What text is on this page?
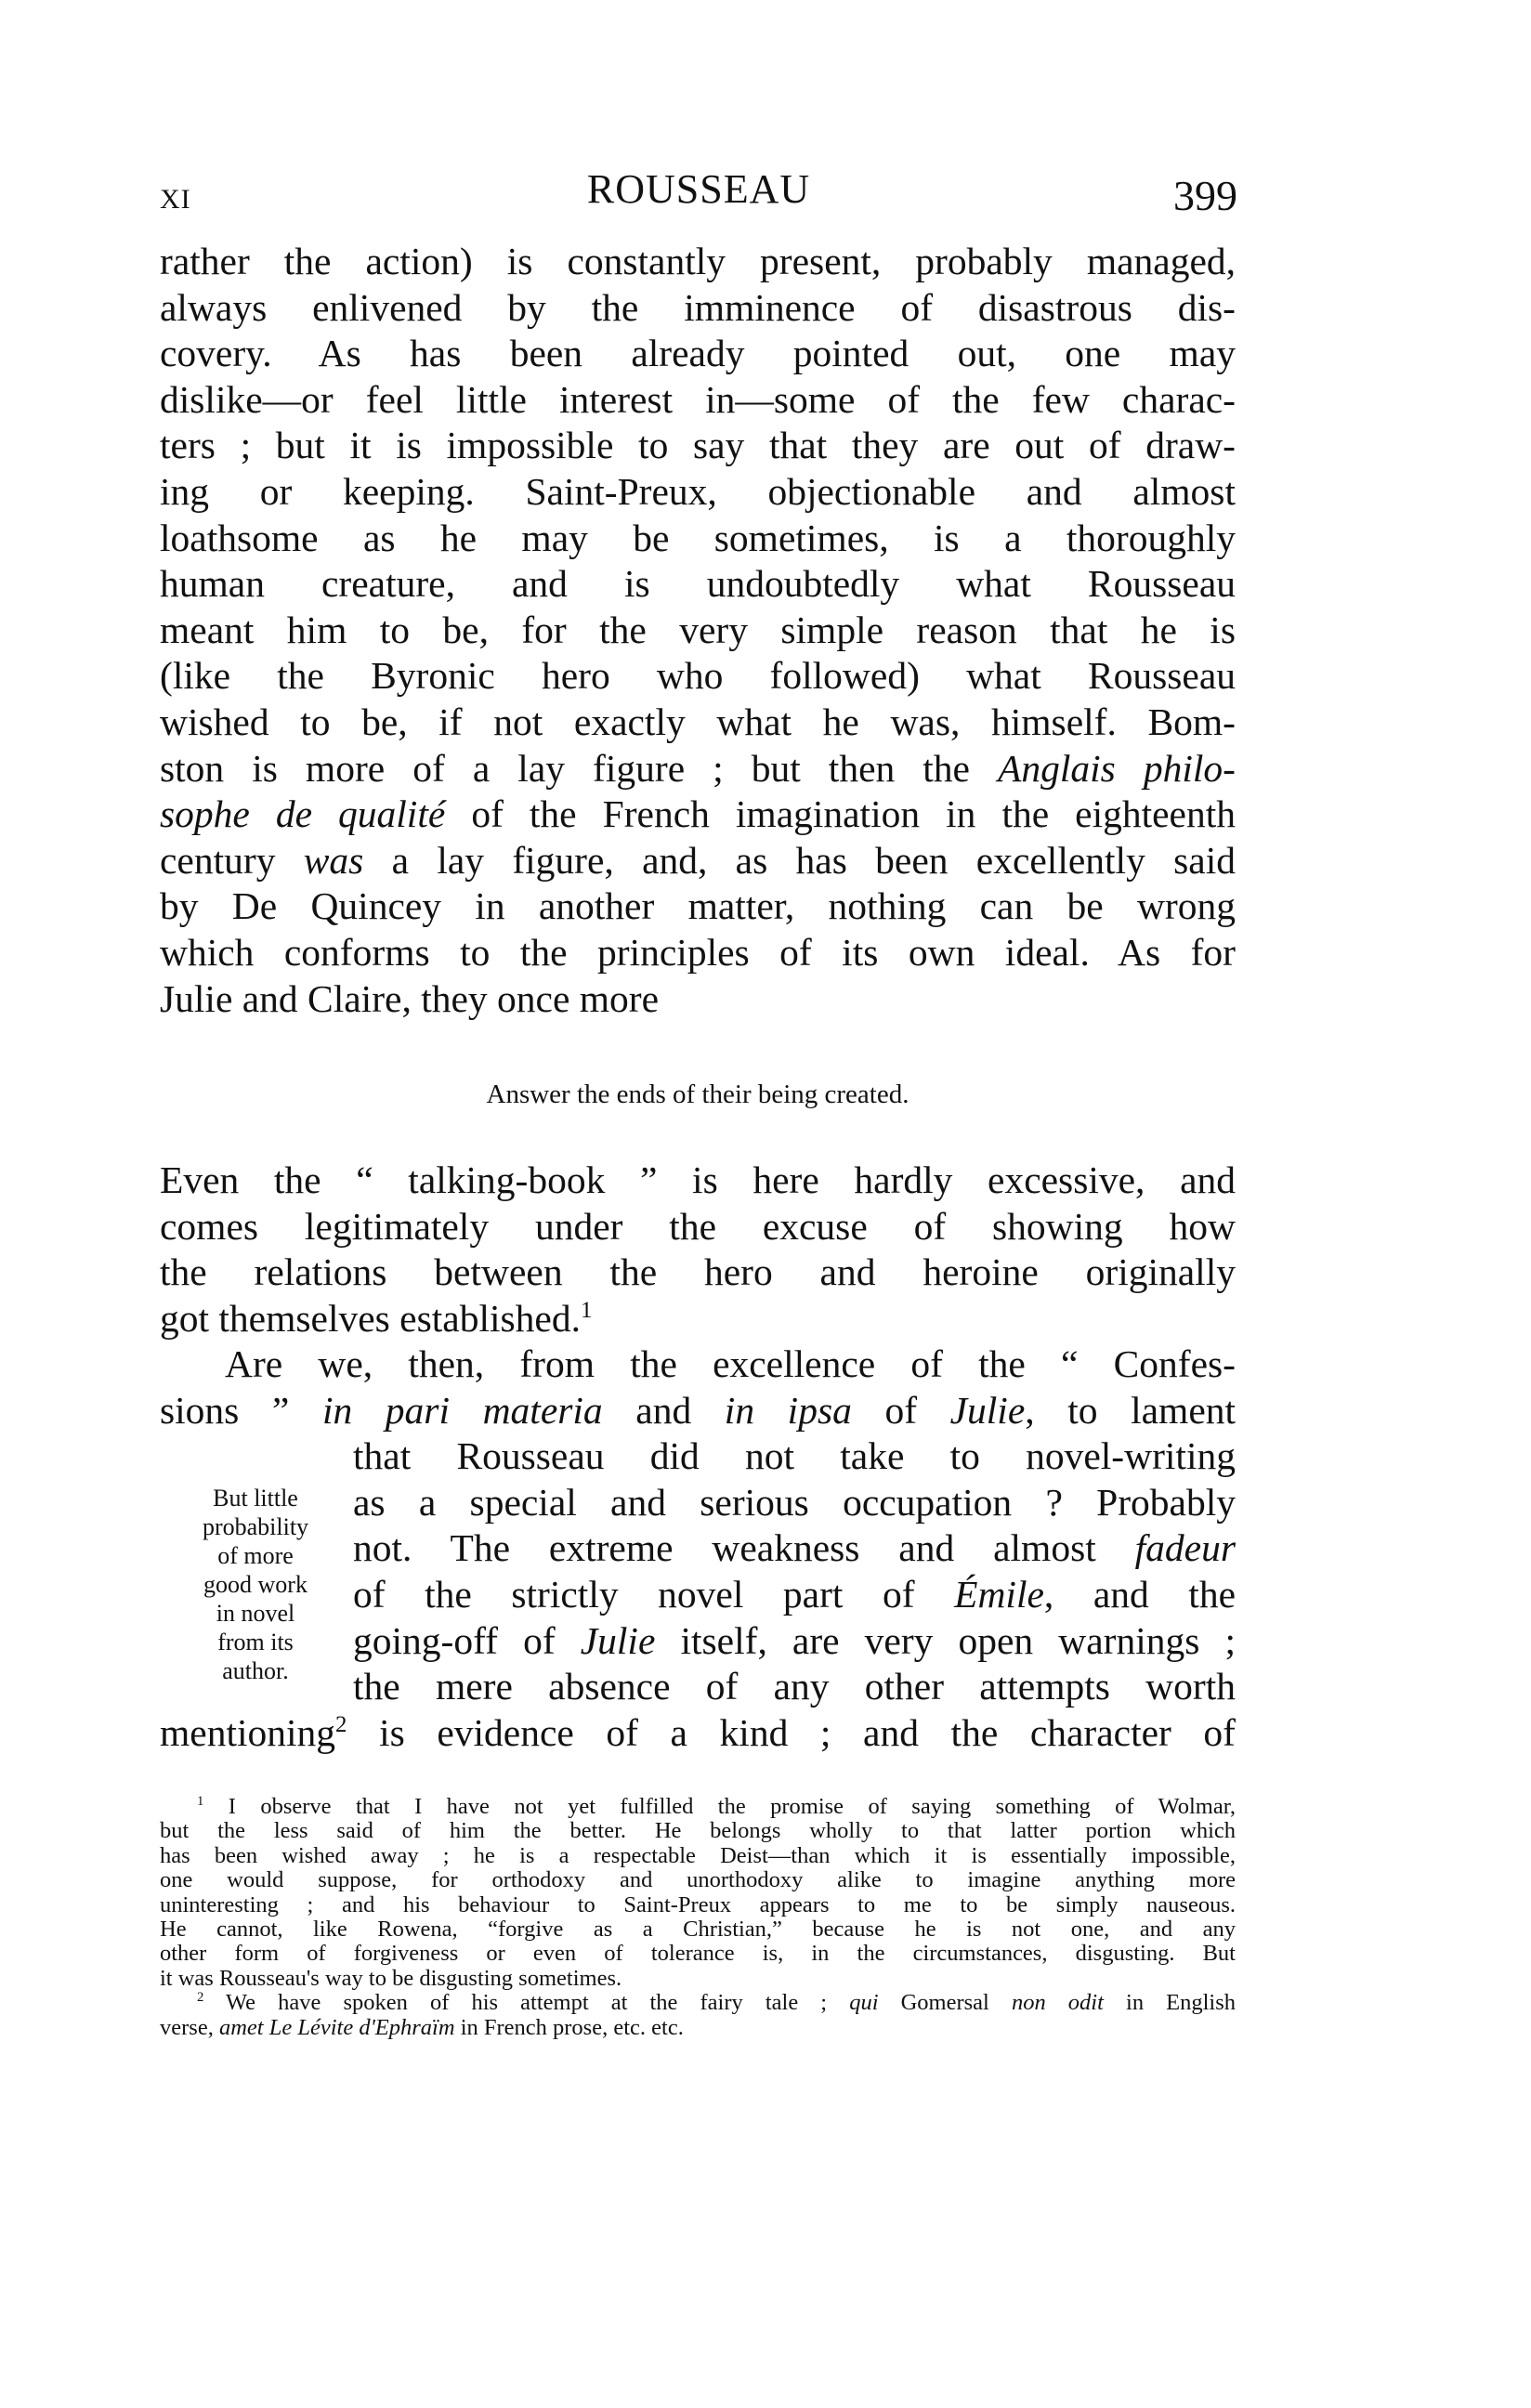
XI	ROUSSEAU	399
rather the action) is constantly present, probably managed,
always enlivened by the imminence of disastrous dis-
covery. As has been already pointed out, one may
dislike—or feel little interest in—some of the few charac-
ters ; but it is impossible to say that they are out of draw-
ing or keeping. Saint-Preux, objectionable and almost
loathsome as he may be sometimes, is a thoroughly
human creature, and is undoubtedly what Rousseau
meant him to be, for the very simple reason that he is
(like the Byronic hero who followed) what Rousseau
wished to be, if not exactly what he was, himself. Bom-
ston is more of a lay figure ; but then the Anglais philo-
sophe de qualité of the French imagination in the eighteenth
century was a lay figure, and, as has been excellently said
by De Quincey in another matter, nothing can be wrong
which conforms to the principles of its own ideal. As for
Julie and Claire, they once more
Answer the ends of their being created.
Even the “ talking-book ” is here hardly excessive, and
comes legitimately under the excuse of showing how
the relations between the hero and heroine originally
got themselves established.$^1$
Are we, then, from the excellence of the “ Confes-
sions ” in pari materia and in ipsa of Julie, to lament
that Rousseau did not take to novel-writing
as a special and serious occupation ? Probably
not. The extreme weakness and almost fadeur
of the strictly novel part of Émile, and the
going-off of Julie itself, are very open warnings ;
the mere absence of any other attempts worth
mentioning$^2$ is evidence of a kind ; and the character of
But little
probability
of more
good work
in novel
from its
author.
$^1$ I observe that I have not yet fulfilled the promise of saying something of Wolmar,
but the less said of him the better. He belongs wholly to that latter portion which
has been wished away ; he is a respectable Deist—than which it is essentially impossible,
one would suppose, for orthodoxy and unorthodoxy alike to imagine anything more
uninteresting ; and his behaviour to Saint-Preux appears to me to be simply nauseous.
He cannot, like Rowena, “forgive as a Christian,” because he is not one, and any
other form of forgiveness or even of tolerance is, in the circumstances, disgusting. But
it was Rousseau's way to be disgusting sometimes.
$^2$ We have spoken of his attempt at the fairy tale ; qui Gomersal non odit in English
verse, amet Le Lévite d'Ephraïm in French prose, etc. etc.
